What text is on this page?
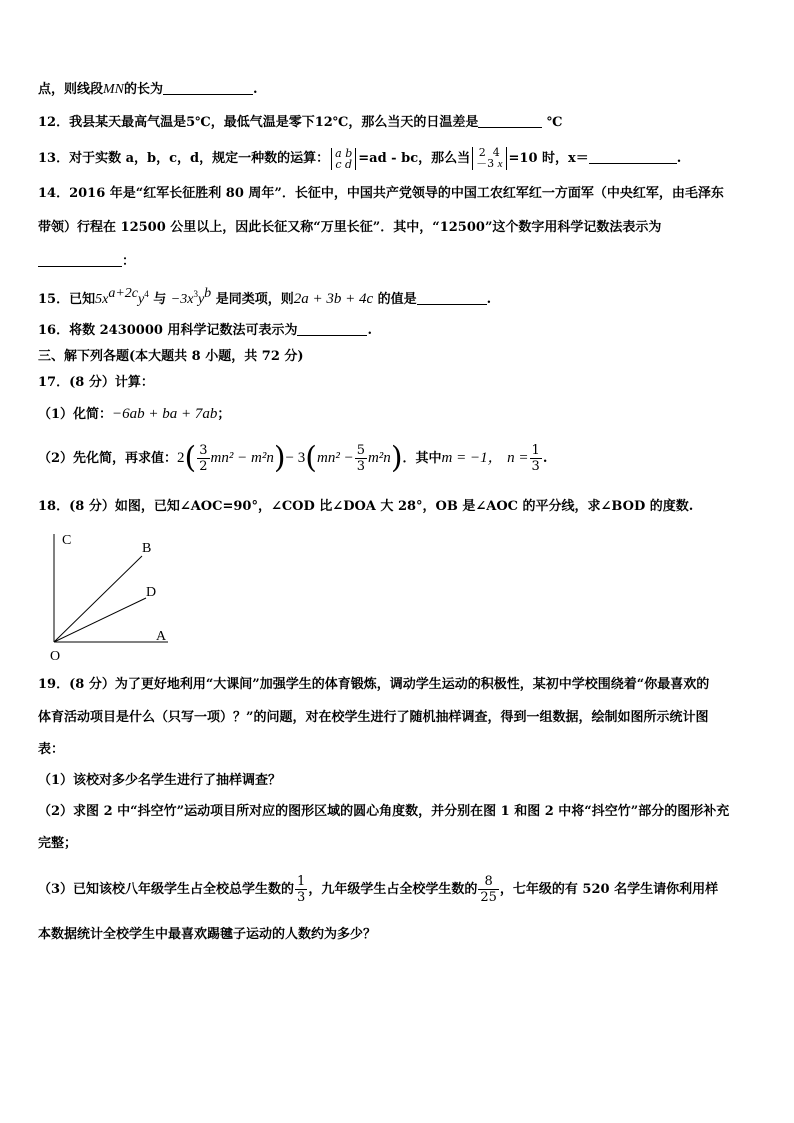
点，则线段MN的长为	.
12．我县某天最高气温是5℃，最低气温是零下12℃，那么当天的日温差是	℃
13．对于实数 a，b，c，d，规定一种数的运算： a b
c d =ad - bc，那么当 2 4
－3 x =10 时，x＝	.
14．2016 年是“红军长征胜利 80 周年”．长征中，中国共产党领导的中国工农红军红一方面军（中央红军，由毛泽东
带领）行程在 12500 公里以上，因此长征又称“万里长征”．其中，“12500”这个数字用科学记数法表示为
：
15．已知$5x^{a+2c}y^4$ 与 $-3x^3y^b$ 是同类项，则2a + 3b + 4c 的值是	.
16．将数 2430000 用科学记数法可表示为	.
三、解下列各题(本大题共 8 小题，共 72 分)
17．(8 分）计算：
（1）化简：−6ab + ba + 7ab；
（2）先化简，再求值：$2( \frac{3}{2} mn^2 - m^2n)- 3(mn^2 - \frac{5}{3} m^2n)$．其中m = −1， $n = \frac{1}{3}$ .
18．(8 分）如图，已知∠AOC=90°，∠COD 比∠DOA 大 28°，OB 是∠AOC 的平分线，求∠BOD 的度数.
C
B
D
A
O
19．(8 分）为了更好地利用“大课间”加强学生的体育锻炼，调动学生运动的积极性，某初中学校围绕着“你最喜欢的
体育活动项目是什么（只写一项）？”的问题，对在校学生进行了随机抽样调查，得到一组数据，绘制如图所示统计图
表：
（1）该校对多少名学生进行了抽样调查？
（2）求图 2 中“抖空竹”运动项目所对应的图形区域的圆心角度数，并分别在图 1 和图 2 中将“抖空竹”部分的图形补充
完整；
（3）已知该校八年级学生占全校总学生数的 $\frac{1}{3}$ ，九年级学生占全校学生数的 $\frac{8}{25}$ ，七年级的有 520 名学生请你利用样
本数据统计全校学生中最喜欢踢毽子运动的人数约为多少？
